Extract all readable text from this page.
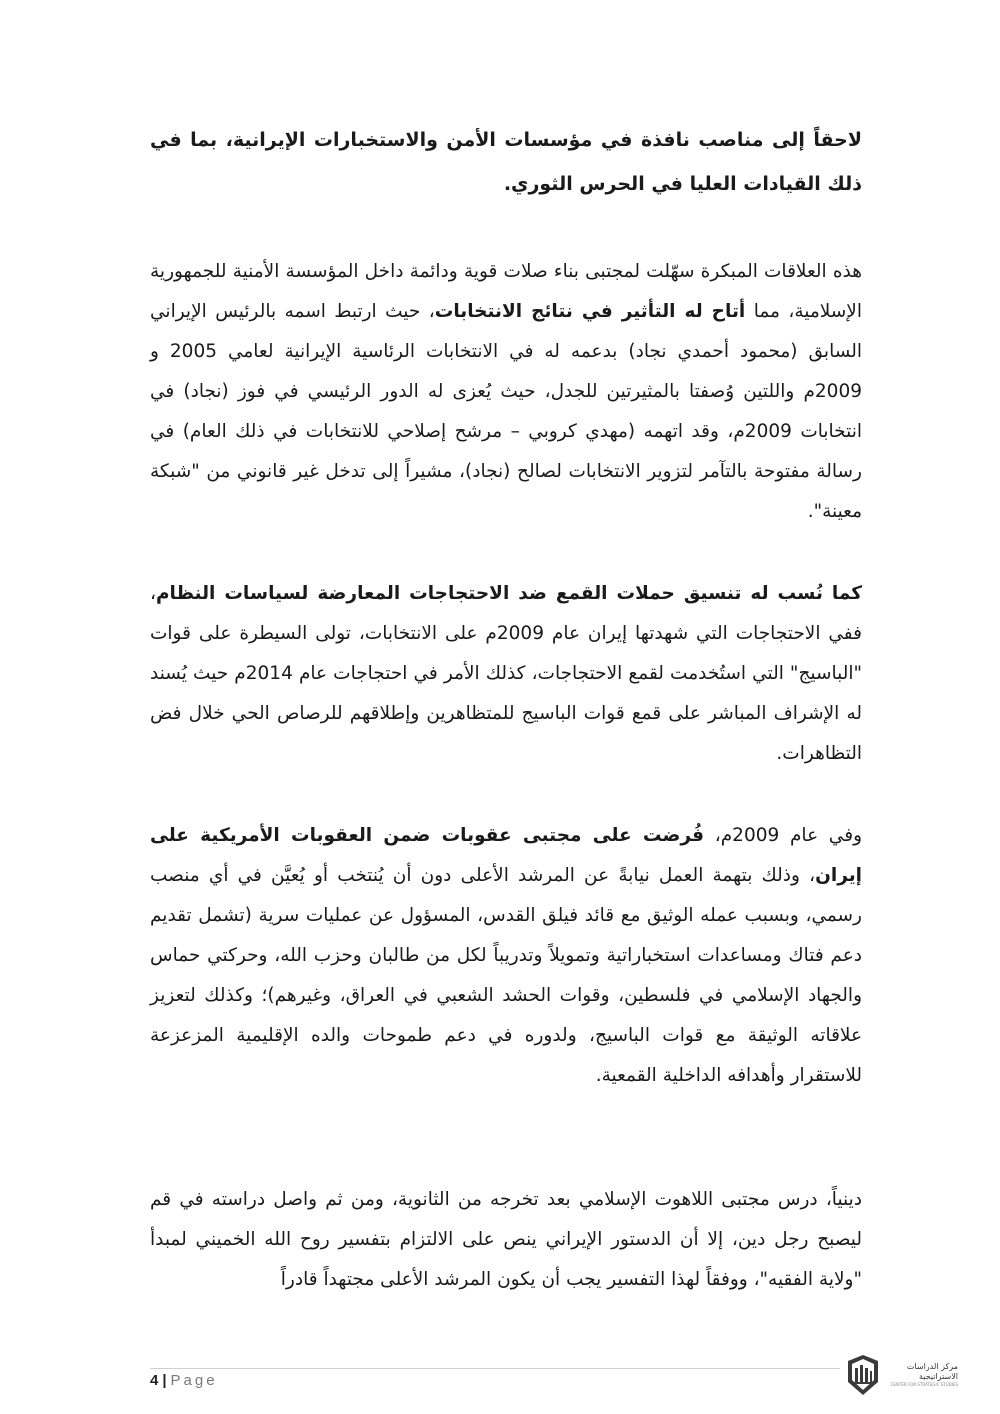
لاحقاً إلى مناصب نافذة في مؤسسات الأمن والاستخبارات الإيرانية، بما في ذلك القيادات العليا في الحرس الثوري.

هذه العلاقات المبكرة سهّلت لمجتبى بناء صلات قوية ودائمة داخل المؤسسة الأمنية للجمهورية الإسلامية، مما أتاح له التأثير في نتائج الانتخابات، حيث ارتبط اسمه بالرئيس الإيراني السابق (محمود أحمدي نجاد) بدعمه له في الانتخابات الرئاسية الإيرانية لعامي 2005 و 2009م واللتين وُصفتا بالمثيرتين للجدل، حيث يُعزى له الدور الرئيسي في فوز (نجاد) في انتخابات 2009م، وقد اتهمه (مهدي كروبي – مرشح إصلاحي للانتخابات في ذلك العام) في رسالة مفتوحة بالتآمر لتزوير الانتخابات لصالح (نجاد)، مشيراً إلى تدخل غير قانوني من "شبكة معينة".

كما نُسب له تنسيق حملات القمع ضد الاحتجاجات المعارضة لسياسات النظام، ففي الاحتجاجات التي شهدتها إيران عام 2009م على الانتخابات، تولى السيطرة على قوات "الباسيج" التي استُخدمت لقمع الاحتجاجات، كذلك الأمر في احتجاجات عام 2014م حيث يُسند له الإشراف المباشر على قمع قوات الباسيج للمتظاهرين وإطلاقهم للرصاص الحي خلال فض التظاهرات.

وفي عام 2009م، فُرضت على مجتبى عقوبات ضمن العقوبات الأمريكية على إيران، وذلك بتهمة العمل نيابةً عن المرشد الأعلى دون أن يُنتخب أو يُعيَّن في أي منصب رسمي، وبسبب عمله الوثيق مع قائد فيلق القدس، المسؤول عن عمليات سرية (تشمل تقديم دعم فتاك ومساعدات استخباراتية وتمويلاً وتدريباً لكل من طالبان وحزب الله، وحركتي حماس والجهاد الإسلامي في فلسطين، وقوات الحشد الشعبي في العراق، وغيرهم)؛ وكذلك لتعزيز علاقاته الوثيقة مع قوات الباسيج، ولدوره في دعم طموحات والده الإقليمية المزعزعة للاستقرار وأهدافه الداخلية القمعية.

دينياً، درس مجتبى اللاهوت الإسلامي بعد تخرجه من الثانوية، ومن ثم واصل دراسته في قم ليصبح رجل دين، إلا أن الدستور الإيراني ينص على الالتزام بتفسير روح الله الخميني لمبدأ "ولاية الفقيه"، ووفقاً لهذا التفسير يجب أن يكون المرشد الأعلى مجتهداً قادراً

4 | Page
مركز الدراسات
الاستراتيجية
CENTER FOR STRATEGIC STUDIES
